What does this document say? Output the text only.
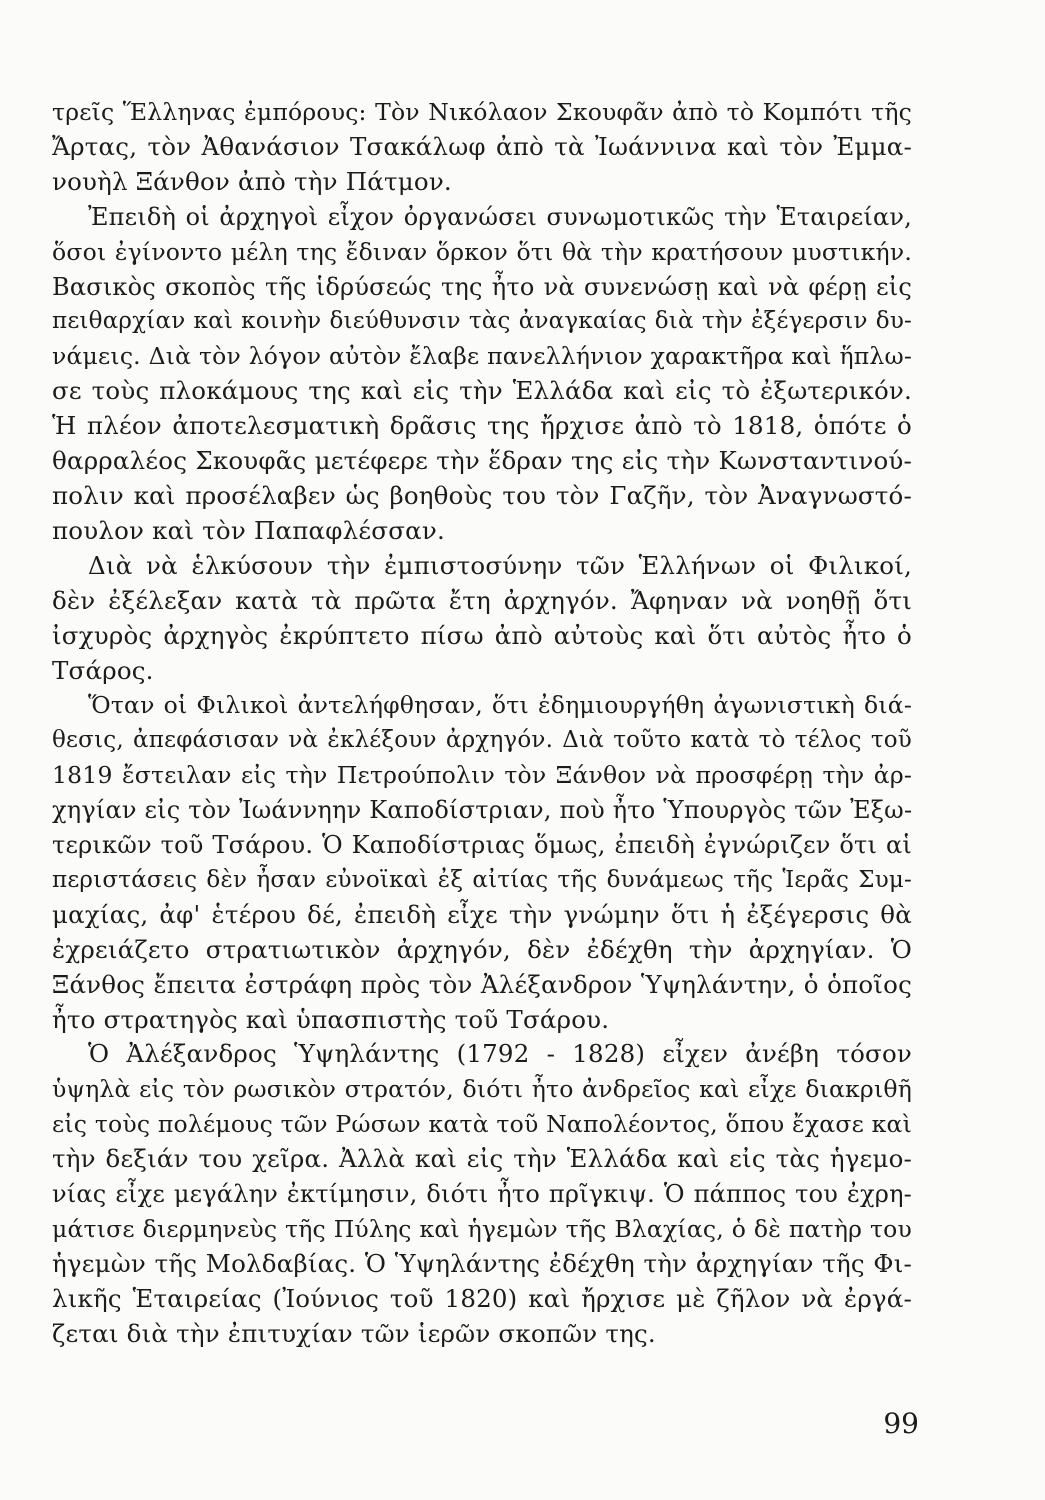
τρεῖς Ἕλληνας ἐμπόρους: Τὸν Νικόλαον Σκουφᾶν ἀπὸ τὸ Κομπότι τῆς
Ἄρτας, τὸν Ἀθανάσιον Τσακάλωφ ἀπὸ τὰ Ἰωάννινα καὶ τὸν Ἐμμα-
νουὴλ Ξάνθον ἀπὸ τὴν Πάτμον.
Ἐπειδὴ οἱ ἀρχηγοὶ εἶχον ὀργανώσει συνωμοτικῶς τὴν Ἑταιρείαν,
ὅσοι ἐγίνοντο μέλη της ἔδιναν ὅρκον ὅτι θὰ τὴν κρατήσουν μυστικήν.
Βασικὸς σκοπὸς τῆς ἱδρύσεώς της ἦτο νὰ συνενώσῃ καὶ νὰ φέρῃ εἰς
πειθαρχίαν καὶ κοινὴν διεύθυνσιν τὰς ἀναγκαίας διὰ τὴν ἐξέγερσιν δυ-
νάμεις. Διὰ τὸν λόγον αὐτὸν ἔλαβε πανελλήνιον χαρακτῆρα καὶ ἥπλω-
σε τοὺς πλοκάμους της καὶ εἰς τὴν Ἑλλάδα καὶ εἰς τὸ ἐξωτερικόν.
Ἡ πλέον ἀποτελεσματικὴ δρᾶσις της ἤρχισε ἀπὸ τὸ 1818, ὁπότε ὁ
θαρραλέος Σκουφᾶς μετέφερε τὴν ἕδραν της εἰς τὴν Κωνσταντινού-
πολιν καὶ προσέλαβεν ὡς βοηθοὺς του τὸν Γαζῆν, τὸν Ἀναγνωστό-
πουλον καὶ τὸν Παπαφλέσσαν.
Διὰ νὰ ἑλκύσουν τὴν ἐμπιστοσύνην τῶν Ἑλλήνων οἱ Φιλικοί,
δὲν ἐξέλεξαν κατὰ τὰ πρῶτα ἔτη ἀρχηγόν. Ἄφηναν νὰ νοηθῇ ὅτι
ἰσχυρὸς ἀρχηγὸς ἐκρύπτετο πίσω ἀπὸ αὐτοὺς καὶ ὅτι αὐτὸς ἦτο ὁ
Τσάρος.
Ὅταν οἱ Φιλικοὶ ἀντελήφθησαν, ὅτι ἐδημιουργήθη ἀγωνιστικὴ διά-
θεσις, ἀπεφάσισαν νὰ ἐκλέξουν ἀρχηγόν. Διὰ τοῦτο κατὰ τὸ τέλος τοῦ
1819 ἔστειλαν εἰς τὴν Πετρούπολιν τὸν Ξάνθον νὰ προσφέρῃ τὴν ἀρ-
χηγίαν εἰς τὸν Ἰωάννηην Καποδίστριαν, ποὺ ἦτο Ὑπουργὸς τῶν Ἐξω-
τερικῶν τοῦ Τσάρου. Ὁ Καποδίστριας ὅμως, ἐπειδὴ ἐγνώριζεν ὅτι αἱ
περιστάσεις δὲν ἦσαν εὐνοϊκαὶ ἐξ αἰτίας τῆς δυνάμεως τῆς Ἱερᾶς Συμ-
μαχίας, ἀφ' ἑτέρου δέ, ἐπειδὴ εἶχε τὴν γνώμην ὅτι ἡ ἐξέγερσις θὰ
ἐχρειάζετο στρατιωτικὸν ἀρχηγόν, δὲν ἐδέχθη τὴν ἀρχηγίαν. Ὁ
Ξάνθος ἔπειτα ἐστράφη πρὸς τὸν Ἀλέξανδρον Ὑψηλάντην, ὁ ὁποῖος
ἦτο στρατηγὸς καὶ ὑπασπιστὴς τοῦ Τσάρου.
Ὁ Ἀλέξανδρος Ὑψηλάντης (1792 - 1828) εἶχεν ἀνέβη τόσον
ὑψηλὰ εἰς τὸν ρωσικὸν στρατόν, διότι ἦτο ἀνδρεῖος καὶ εἶχε διακριθῆ
εἰς τοὺς πολέμους τῶν Ρώσων κατὰ τοῦ Ναπολέοντος, ὅπου ἔχασε καὶ
τὴν δεξιάν του χεῖρα. Ἀλλὰ καὶ εἰς τὴν Ἑλλάδα καὶ εἰς τὰς ἡγεμο-
νίας εἶχε μεγάλην ἐκτίμησιν, διότι ἦτο πρῖγκιψ. Ὁ πάππος του ἐχρη-
μάτισε διερμηνεὺς τῆς Πύλης καὶ ἡγεμὼν τῆς Βλαχίας, ὁ δὲ πατὴρ του
ἡγεμὼν τῆς Μολδαβίας. Ὁ Ὑψηλάντης ἐδέχθη τὴν ἀρχηγίαν τῆς Φι-
λικῆς Ἑταιρείας (Ἰούνιος τοῦ 1820) καὶ ἤρχισε μὲ ζῆλον νὰ ἐργά-
ζεται διὰ τὴν ἐπιτυχίαν τῶν ἱερῶν σκοπῶν της.
99
